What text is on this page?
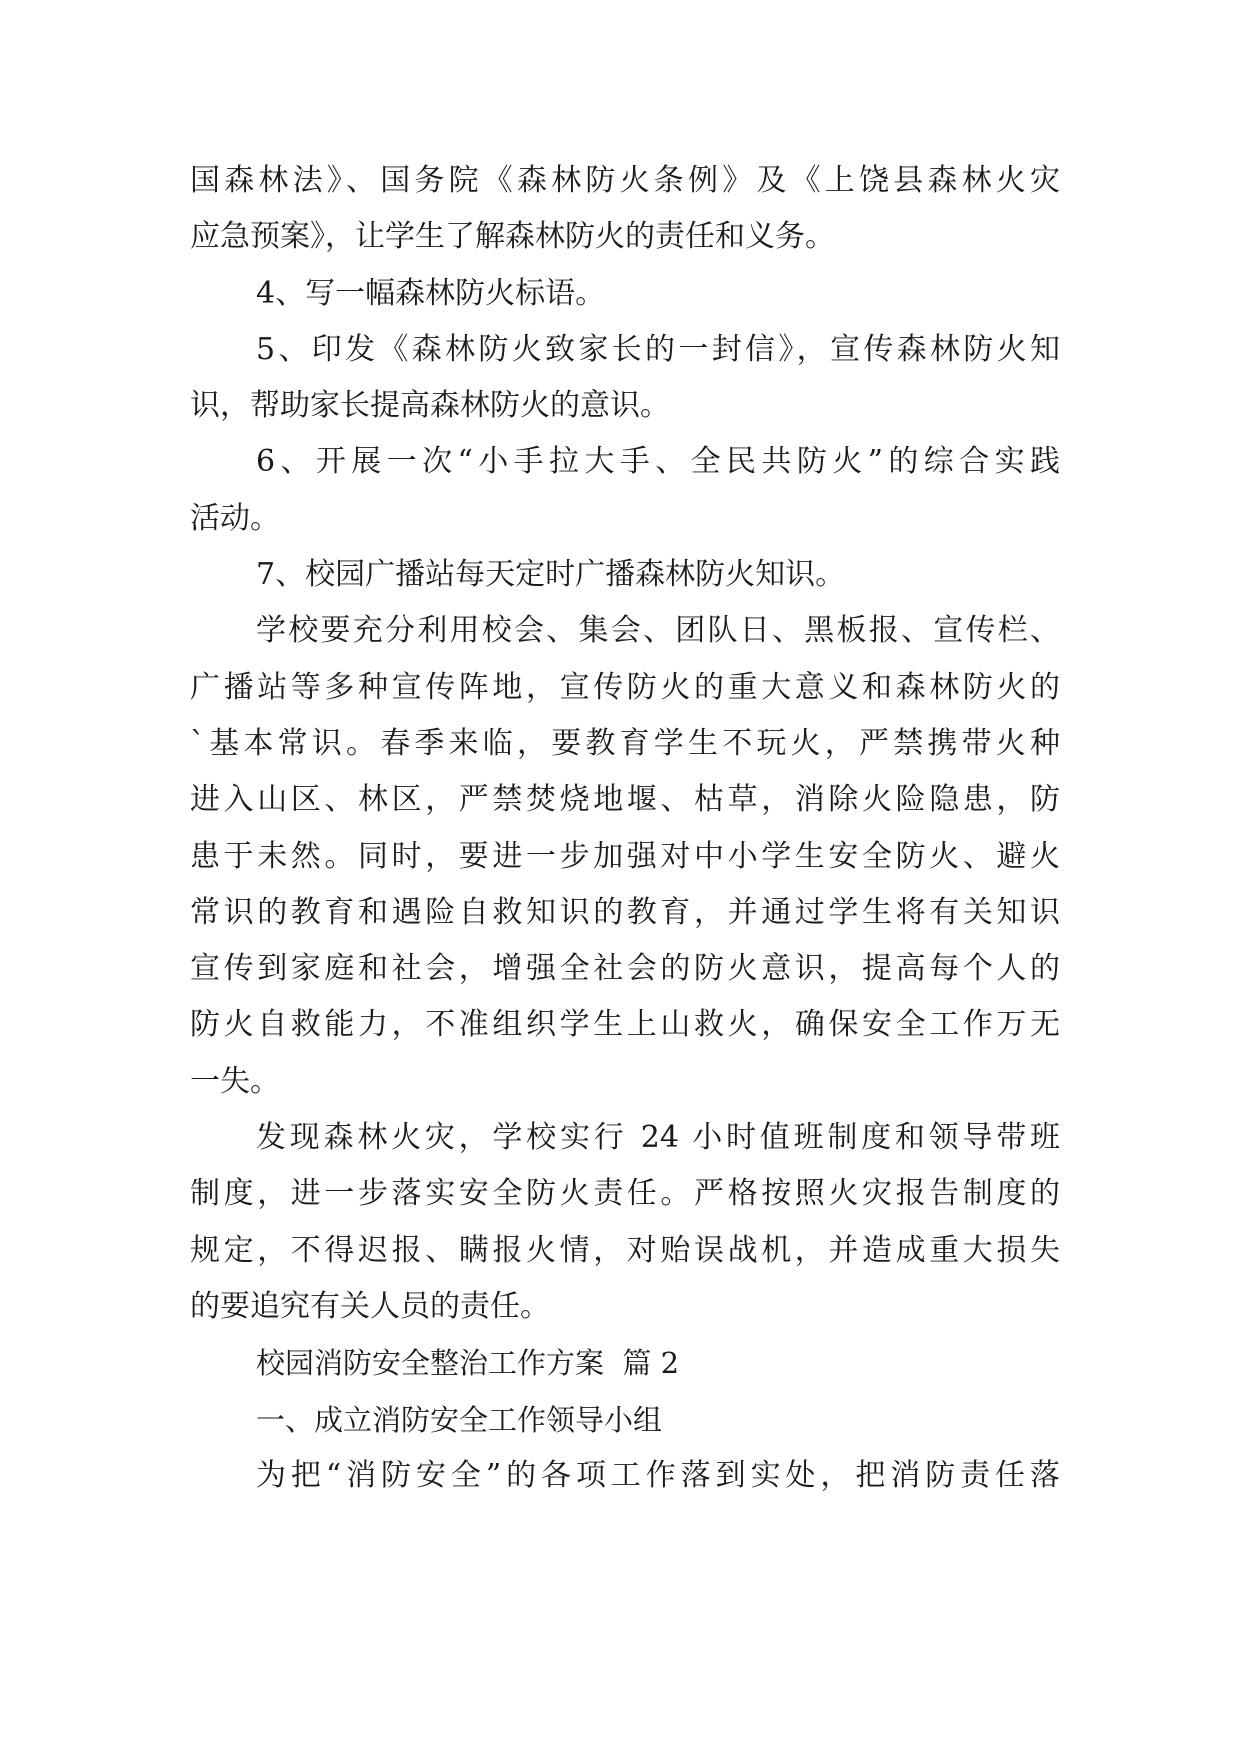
国森林法》、国务院《森林防火条例》及《上饶县森林火灾
应急预案》，让学生了解森林防火的责任和义务。
4、写一幅森林防火标语。
5、印发《森林防火致家长的一封信》，宣传森林防火知
识，帮助家长提高森林防火的意识。
6、开展一次“小手拉大手、全民共防火”的综合实践
活动。
7、校园广播站每天定时广播森林防火知识。
学校要充分利用校会、集会、团队日、黑板报、宣传栏、
广播站等多种宣传阵地，宣传防火的重大意义和森林防火的
`基本常识。春季来临，要教育学生不玩火，严禁携带火种
进入山区、林区，严禁焚烧地堰、枯草，消除火险隐患，防
患于未然。同时，要进一步加强对中小学生安全防火、避火
常识的教育和遇险自救知识的教育，并通过学生将有关知识
宣传到家庭和社会，增强全社会的防火意识，提高每个人的
防火自救能力，不准组织学生上山救火，确保安全工作万无
一失。
发现森林火灾，学校实行 24 小时值班制度和领导带班
制度，进一步落实安全防火责任。严格按照火灾报告制度的
规定，不得迟报、瞒报火情，对贻误战机，并造成重大损失
的要追究有关人员的责任。
校园消防安全整治工作方案  篇 2
一、成立消防安全工作领导小组
为把“消防安全”的各项工作落到实处，把消防责任落
